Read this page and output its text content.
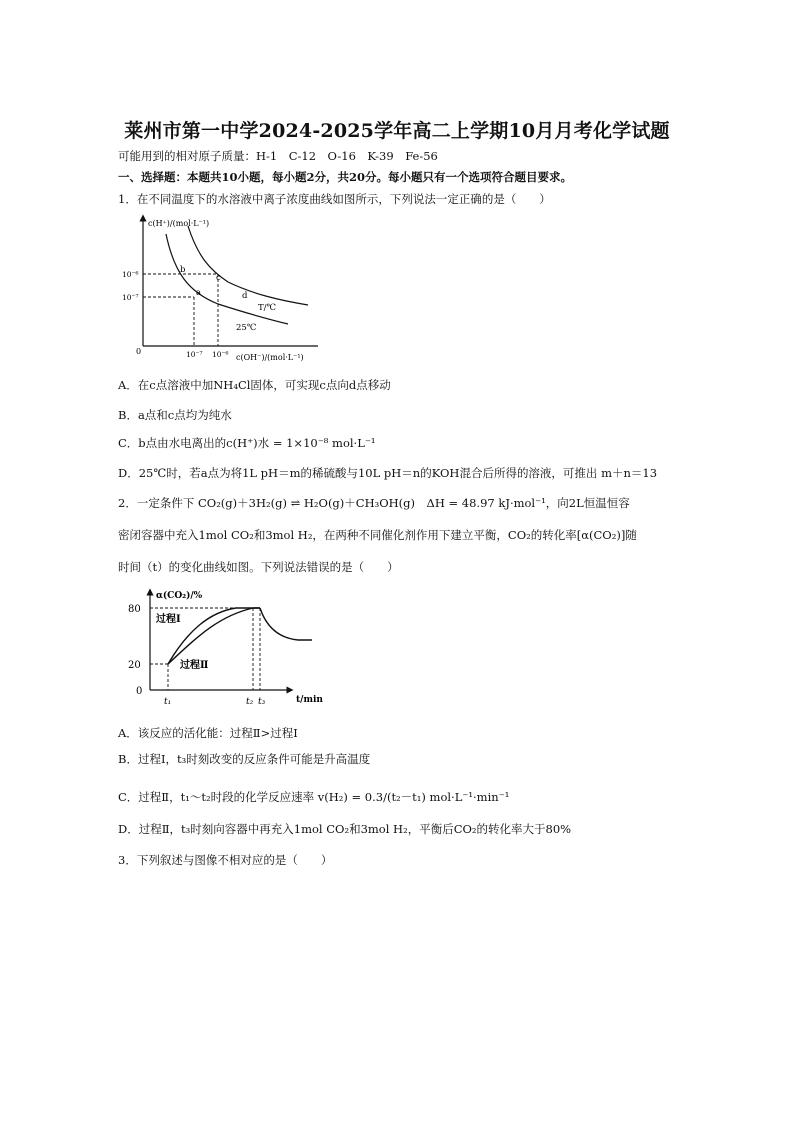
莱州市第一中学2024-2025学年高二上学期10月月考化学试题
可能用到的相对原子质量：H-1　C-12　O-16　K-39　Fe-56
一、选择题：本题共10小题，每小题2分，共20分。每小题只有一个选项符合题目要求。
1．在不同温度下的水溶液中离子浓度曲线如图所示，下列说法一定正确的是（　　）
c(H⁺)/(mol·L⁻¹)
10⁻⁶
10⁻⁷
0	10⁻⁷ 10⁻⁶ c(OH⁻)/(mol·L⁻¹)
a
b
c
d
T/℃
25℃
A．在c点溶液中加NH₄Cl固体，可实现c点向d点移动
B．a点和c点均为纯水
C．b点由水电离出的c(H⁺)水 = 1×10⁻⁸ mol·L⁻¹
D．25℃时，若a点为将1L pH＝m的稀硫酸与10L pH＝n的KOH混合后所得的溶液，可推出 m＋n＝13
2．一定条件下 CO₂(g)＋3H₂(g) ⇌ H₂O(g)＋CH₃OH(g)　ΔH = 48.97 kJ·mol⁻¹，向2L恒温恒容
密闭容器中充入1mol CO₂和3mol H₂，在两种不同催化剂作用下建立平衡，CO₂的转化率[α(CO₂)]随
时间（t）的变化曲线如图。下列说法错误的是（　　）
α(CO₂)/%
80
20
0
t₁	t₂ t₃	t/min
过程Ⅰ
过程Ⅱ
A．该反应的活化能：过程Ⅱ>过程Ⅰ
B．过程Ⅰ，t₃时刻改变的反应条件可能是升高温度
C．过程Ⅱ，t₁～t₂时段的化学反应速率 v(H₂) = 0.3/(t₂－t₁) mol·L⁻¹·min⁻¹
D．过程Ⅱ，t₃时刻向容器中再充入1mol CO₂和3mol H₂，平衡后CO₂的转化率大于80%
3．下列叙述与图像不相对应的是（　　）
